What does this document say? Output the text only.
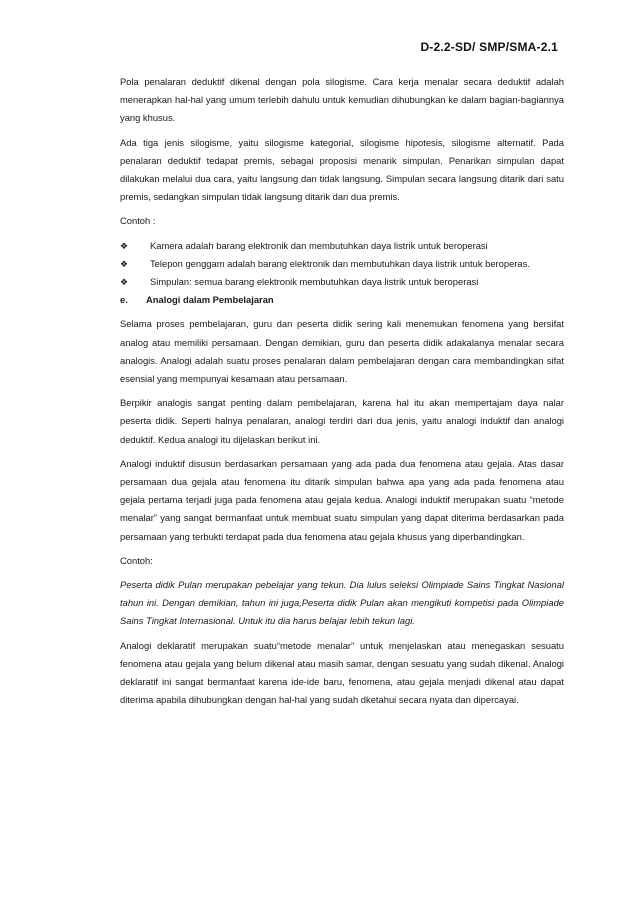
D-2.2-SD/ SMP/SMA-2.1

Pola penalaran deduktif dikenal dengan pola silogisme. Cara kerja menalar secara deduktif adalah menerapkan hal-hal yang umum terlebih dahulu untuk kemudian dihubungkan ke dalam bagian-bagiannya yang khusus.

Ada tiga jenis silogisme, yaitu silogisme kategorial, silogisme hipotesis, silogisme alternatif. Pada penalaran deduktif tedapat premis, sebagai proposisi menarik simpulan. Penarikan simpulan dapat dilakukan melalui dua cara, yaitu langsung dan tidak langsung. Simpulan secara langsung ditarik dari satu premis, sedangkan simpulan tidak langsung ditarik dari dua premis.

Contoh :

❖ Kamera adalah barang elektronik dan membutuhkan daya listrik untuk beroperasi
❖ Telepon genggam adalah barang elektronik dan membutuhkan daya listrik untuk beroperas.
❖ Simpulan: semua barang elektronik membutuhkan daya listrik untuk beroperasi
e. Analogi dalam Pembelajaran

Selama proses pembelajaran, guru dan peserta didik sering kali menemukan fenomena yang bersifat analog atau memiliki persamaan. Dengan demikian, guru dan peserta didik adakalanya menalar secara analogis. Analogi adalah suatu proses penalaran dalam pembelajaran dengan cara membandingkan sifat esensial yang mempunyai kesamaan atau persamaan.

Berpikir analogis sangat penting dalam pembelajaran, karena hal itu akan mempertajam daya nalar peserta didik. Seperti halnya penalaran, analogi terdiri dari dua jenis, yaitu analogi induktif dan analogi deduktif. Kedua analogi itu dijelaskan berikut ini.

Analogi induktif disusun berdasarkan persamaan yang ada pada dua fenomena atau gejala. Atas dasar persamaan dua gejala atau fenomena itu ditarik simpulan bahwa apa yang ada pada fenomena atau gejala pertama terjadi juga pada fenomena atau gejala kedua. Analogi induktif merupakan suatu “metode menalar” yang sangat bermanfaat untuk membuat suatu simpulan yang dapat diterima berdasarkan pada persamaan yang terbukti terdapat pada dua fenomena atau gejala khusus yang diperbandingkan.

Contoh:

Peserta didik Pulan merupakan pebelajar yang tekun. Dia lulus seleksi Olimpiade Sains Tingkat Nasional tahun ini. Dengan demikian, tahun ini juga,Peserta didik Pulan akan mengikuti kompetisi pada Olimpiade Sains Tingkat Internasional. Untuk itu dia harus belajar lebih tekun lagi.

Analogi deklaratif merupakan suatu“metode menalar” untuk menjelaskan atau menegaskan sesuatu fenomena atau gejala yang belum dikenal atau masih samar, dengan sesuatu yang sudah dikenal. Analogi deklaratif ini sangat bermanfaat karena ide-ide baru, fenomena, atau gejala menjadi dikenal atau dapat diterima apabila dihubungkan dengan hal-hal yang sudah dketahui secara nyata dan dipercayai.
